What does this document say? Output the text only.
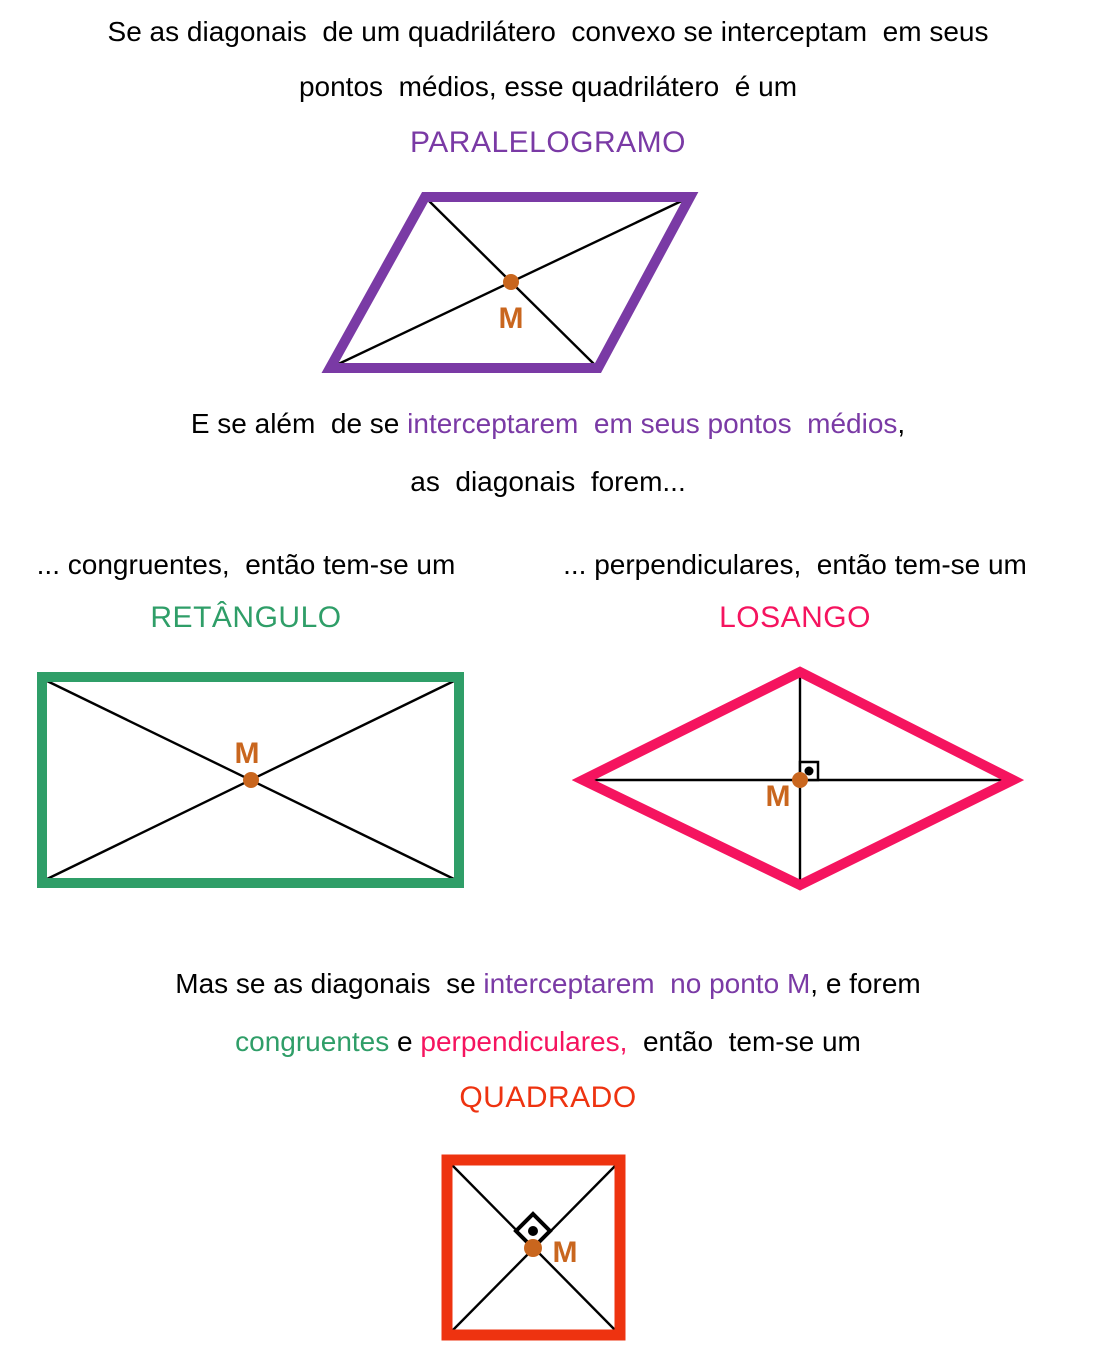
Se as diagonais  de um quadrilátero  convexo se interceptam  em seus
pontos  médios, esse quadrilátero  é um
PARALELOGRAMO
M
E se além  de se interceptarem  em seus pontos  médios,
as  diagonais  forem...
... congruentes,  então tem-se um
RETÂNGULO
... perpendiculares,  então tem-se um
LOSANGO
M
M
Mas se as diagonais  se interceptarem  no ponto M, e forem
congruentes e perpendiculares,  então  tem-se um
QUADRADO
M
